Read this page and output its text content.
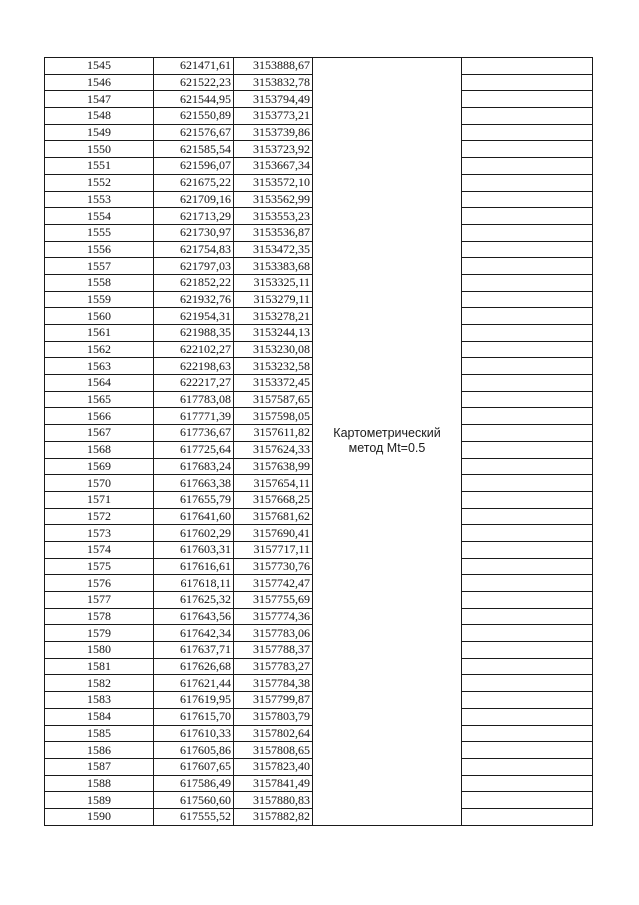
1545	621471,61	3153888,67	Картометрический
метод Mt=0.5	

1546	621522,23	3153832,78		
1547	621544,95	3153794,49		
1548	621550,89	3153773,21		
1549	621576,67	3153739,86		
1550	621585,54	3153723,92		
1551	621596,07	3153667,34		
1552	621675,22	3153572,10		
1553	621709,16	3153562,99		
1554	621713,29	3153553,23		
1555	621730,97	3153536,87		
1556	621754,83	3153472,35		
1557	621797,03	3153383,68		
1558	621852,22	3153325,11		
1559	621932,76	3153279,11		
1560	621954,31	3153278,21		
1561	621988,35	3153244,13		
1562	622102,27	3153230,08		
1563	622198,63	3153232,58		
1564	622217,27	3153372,45		
1565	617783,08	3157587,65		
1566	617771,39	3157598,05		
1567	617736,67	3157611,82		
1568	617725,64	3157624,33		
1569	617683,24	3157638,99		
1570	617663,38	3157654,11		
1571	617655,79	3157668,25		
1572	617641,60	3157681,62		
1573	617602,29	3157690,41		
1574	617603,31	3157717,11		
1575	617616,61	3157730,76		
1576	617618,11	3157742,47		
1577	617625,32	3157755,69		
1578	617643,56	3157774,36		
1579	617642,34	3157783,06		
1580	617637,71	3157788,37		
1581	617626,68	3157783,27		
1582	617621,44	3157784,38		
1583	617619,95	3157799,87		
1584	617615,70	3157803,79		
1585	617610,33	3157802,64		
1586	617605,86	3157808,65		
1587	617607,65	3157823,40		
1588	617586,49	3157841,49		
1589	617560,60	3157880,83		
1590	617555,52	3157882,82		
